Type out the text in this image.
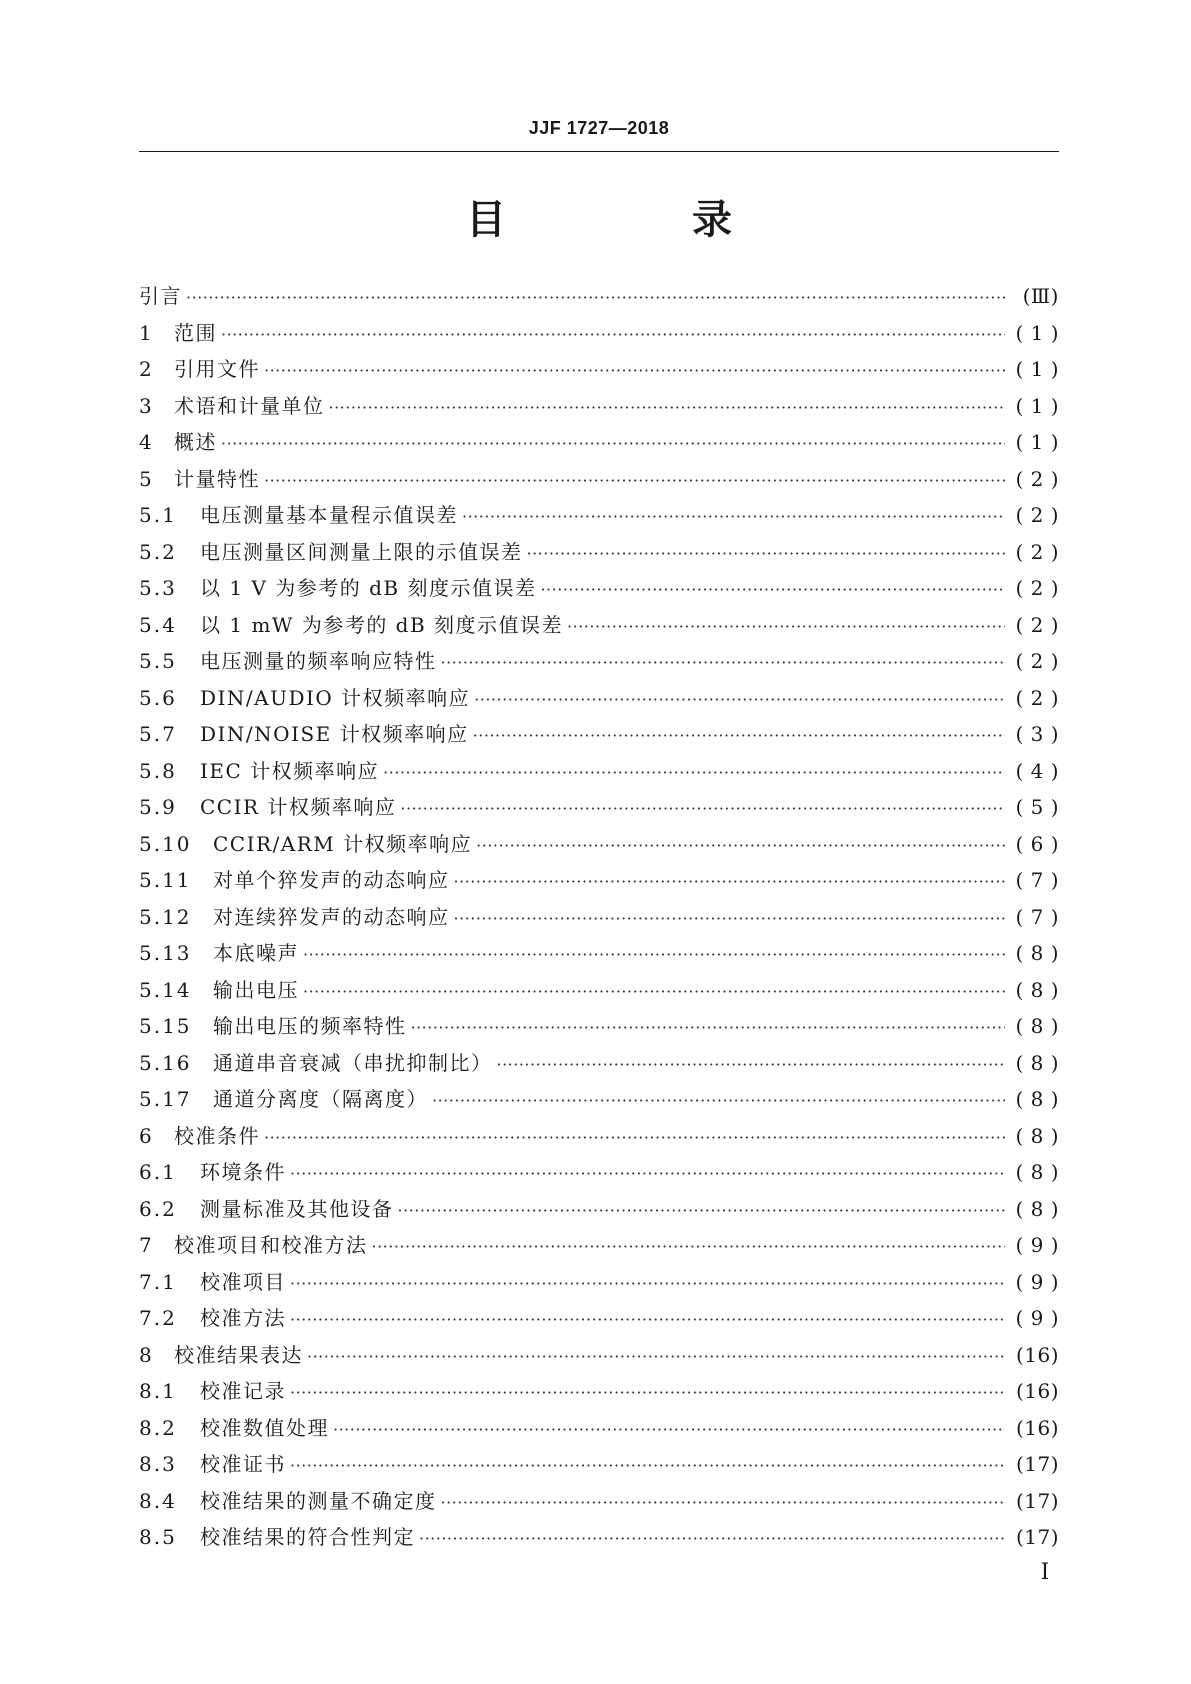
JJF 1727—2018
目 录
引言 ·····	(Ⅲ)
1	范围 ·····	( 1 )
2	引用文件 ·····	( 1 )
3	术语和计量单位 ·····	( 1 )
4	概述 ·····	( 1 )
5	计量特性 ·····	( 2 )
5.1	电压测量基本量程示值误差 ·····	( 2 )
5.2	电压测量区间测量上限的示值误差 ·····	( 2 )
5.3	以 1 V 为参考的 dB 刻度示值误差 ·····	( 2 )
5.4	以 1 mW 为参考的 dB 刻度示值误差 ·····	( 2 )
5.5	电压测量的频率响应特性 ·····	( 2 )
5.6	DIN/AUDIO 计权频率响应 ·····	( 2 )
5.7	DIN/NOISE 计权频率响应 ·····	( 3 )
5.8	IEC 计权频率响应 ·····	( 4 )
5.9	CCIR 计权频率响应 ·····	( 5 )
5.10	CCIR/ARM 计权频率响应 ·····	( 6 )
5.11	对单个猝发声的动态响应 ·····	( 7 )
5.12	对连续猝发声的动态响应 ·····	( 7 )
5.13	本底噪声 ·····	( 8 )
5.14	输出电压 ·····	( 8 )
5.15	输出电压的频率特性 ·····	( 8 )
5.16	通道串音衰减（串扰抑制比） ·····	( 8 )
5.17	通道分离度（隔离度） ·····	( 8 )
6	校准条件 ·····	( 8 )
6.1	环境条件 ·····	( 8 )
6.2	测量标准及其他设备 ·····	( 8 )
7	校准项目和校准方法 ·····	( 9 )
7.1	校准项目 ·····	( 9 )
7.2	校准方法 ·····	( 9 )
8	校准结果表达 ·····	(16)
8.1	校准记录 ·····	(16)
8.2	校准数值处理 ·····	(16)
8.3	校准证书 ·····	(17)
8.4	校准结果的测量不确定度 ·····	(17)
8.5	校准结果的符合性判定 ·····	(17)
Ⅰ
